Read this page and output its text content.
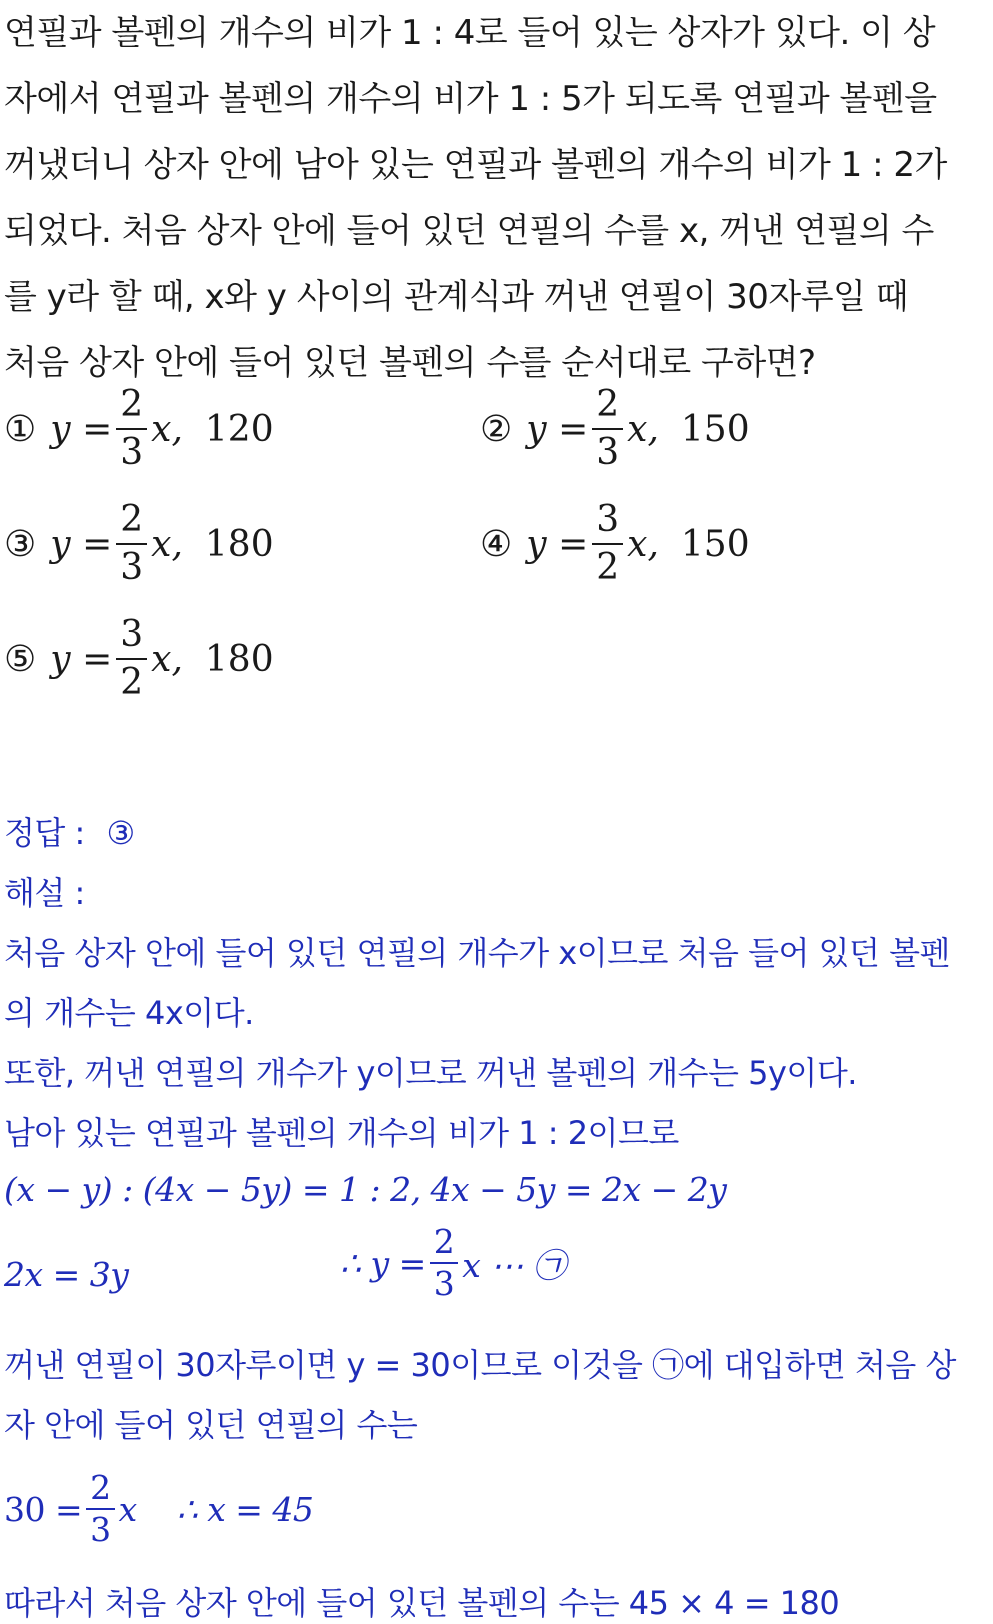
연필과 볼펜의 개수의 비가 1 : 4로 들어 있는 상자가 있다. 이 상
자에서 연필과 볼펜의 개수의 비가 1 : 5가 되도록 연필과 볼펜을
꺼냈더니 상자 안에 남아 있는 연필과 볼펜의 개수의 비가 1 : 2가
되었다. 처음 상자 안에 들어 있던 연필의 수를 x, 꺼낸 연필의 수
를 y라 할 때, x와 y 사이의 관계식과 꺼낸 연필이 30자루일 때
처음 상자 안에 들어 있던 볼펜의 수를 순서대로 구하면?
① $y = \frac{2}{3} x$, 120	② $y = \frac{2}{3} x$, 150
③ $y = \frac{2}{3} x$, 180	④ $y = \frac{3}{2} x$, 150
⑤ $y = \frac{3}{2} x$, 180
정답 : ③
해설 :
처음 상자 안에 들어 있던 연필의 개수가 x이므로 처음 들어 있던 볼펜
의 개수는 4x이다.
또한, 꺼낸 연필의 개수가 y이므로 꺼낸 볼펜의 개수는 5y이다.
남아 있는 연필과 볼펜의 개수의 비가 1 : 2이므로
(x − y) : (4x − 5y) = 1 : 2, 4x − 5y = 2x − 2y
2x = 3y	∴ $y = \frac{2}{3}$ x ⋯ ㉠
꺼낸 연필이 30자루이면 y = 30이므로 이것을 ㉠에 대입하면 처음 상
자 안에 들어 있던 연필의 수는
$30 = \frac{2}{3}$ x    ∴ x = 45
따라서 처음 상자 안에 들어 있던 볼펜의 수는 45 × 4 = 180
